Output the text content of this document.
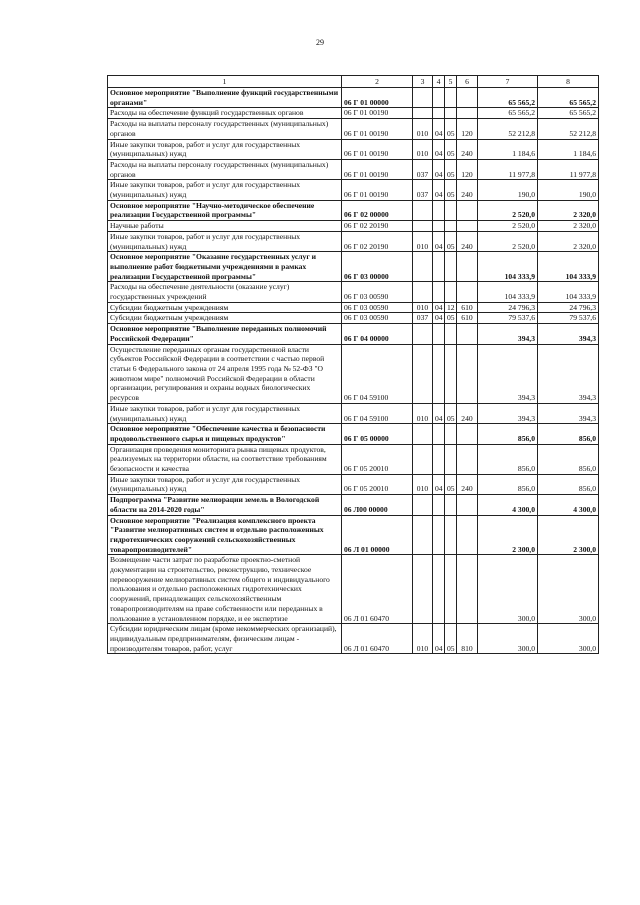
29
1	2	3	4	5	6	7	8
Основное мероприятие "Выполнение функций государственными органами"	06 Г 01 00000					65 565,2	65 565,2
Расходы на обеспечение функций государственных органов	06 Г 01 00190					65 565,2	65 565,2
Расходы на выплаты персоналу государственных (муниципальных) органов	06 Г 01 00190	010	04	05	120	52 212,8	52 212,8
Иные закупки товаров, работ и услуг для государственных (муниципальных) нужд	06 Г 01 00190	010	04	05	240	1 184,6	1 184,6
Расходы на выплаты персоналу государственных (муниципальных) органов	06 Г 01 00190	037	04	05	120	11 977,8	11 977,8
Иные закупки товаров, работ и услуг для государственных (муниципальных) нужд	06 Г 01 00190	037	04	05	240	190,0	190,0
Основное мероприятие "Научно-методическое обеспечение реализации Государственной программы"	06 Г 02 00000					2 520,0	2 320,0
Научные работы	06 Г 02 20190					2 520,0	2 320,0
Иные закупки товаров, работ и услуг для государственных (муниципальных) нужд	06 Г 02 20190	010	04	05	240	2 520,0	2 320,0
Основное мероприятие "Оказание государственных услуг и выполнение работ бюджетными учреждениями в рамках реализации Государственной программы"	06 Г 03 00000					104 333,9	104 333,9
Расходы на обеспечение деятельности (оказание услуг) государственных учреждений	06 Г 03 00590					104 333,9	104 333,9
Субсидии бюджетным учреждениям	06 Г 03 00590	010	04	12	610	24 796,3	24 796,3
Субсидии бюджетным учреждениям	06 Г 03 00590	037	04	05	610	79 537,6	79 537,6
Основное мероприятие "Выполнение переданных полномочий Российской Федерации"	06 Г 04 00000					394,3	394,3
Осуществление переданных органам государственной власти субъектов Российской Федерации в соответствии с частью первой статьи 6 Федерального закона от 24 апреля 1995 года № 52-ФЗ "О животном мире" полномочий Российской Федерации в области организации, регулирования и охраны водных биологических ресурсов	06 Г 04 59100					394,3	394,3
Иные закупки товаров, работ и услуг для государственных (муниципальных) нужд	06 Г 04 59100	010	04	05	240	394,3	394,3
Основное мероприятие "Обеспечение качества и безопасности продовольственного сырья и пищевых продуктов"	06 Г 05 00000					856,0	856,0
Организация проведения мониторинга рынка пищевых продуктов, реализуемых на территории области, на соответствие требованиям безопасности и качества	06 Г 05 20010					856,0	856,0
Иные закупки товаров, работ и услуг для государственных (муниципальных) нужд	06 Г 05 20010	010	04	05	240	856,0	856,0
Подпрограмма "Развитие мелиорации земель в Вологодской области на 2014-2020 годы"	06 Л00 00000					4 300,0	4 300,0
Основное мероприятие "Реализация комплексного проекта "Развитие мелиоративных систем и отдельно расположенных гидротехнических сооружений сельскохозяйственных товаропроизводителей"	06 Л 01 00000					2 300,0	2 300,0
Возмещение части затрат по разработке проектно-сметной документации на строительство, реконструкцию, техническое перевооружение мелиоративных систем общего и индивидуального пользования и отдельно расположенных гидротехнических сооружений, принадлежащих сельскохозяйственным товаропроизводителям на праве собственности или переданных в пользование в установленном порядке, и ее экспертизе	06 Л 01 60470					300,0	300,0
Субсидии юридическим лицам (кроме некоммерческих организаций), индивидуальным предпринимателям, физическим лицам - производителям товаров, работ, услуг	06 Л 01 60470	010	04	05	810	300,0	300,0
